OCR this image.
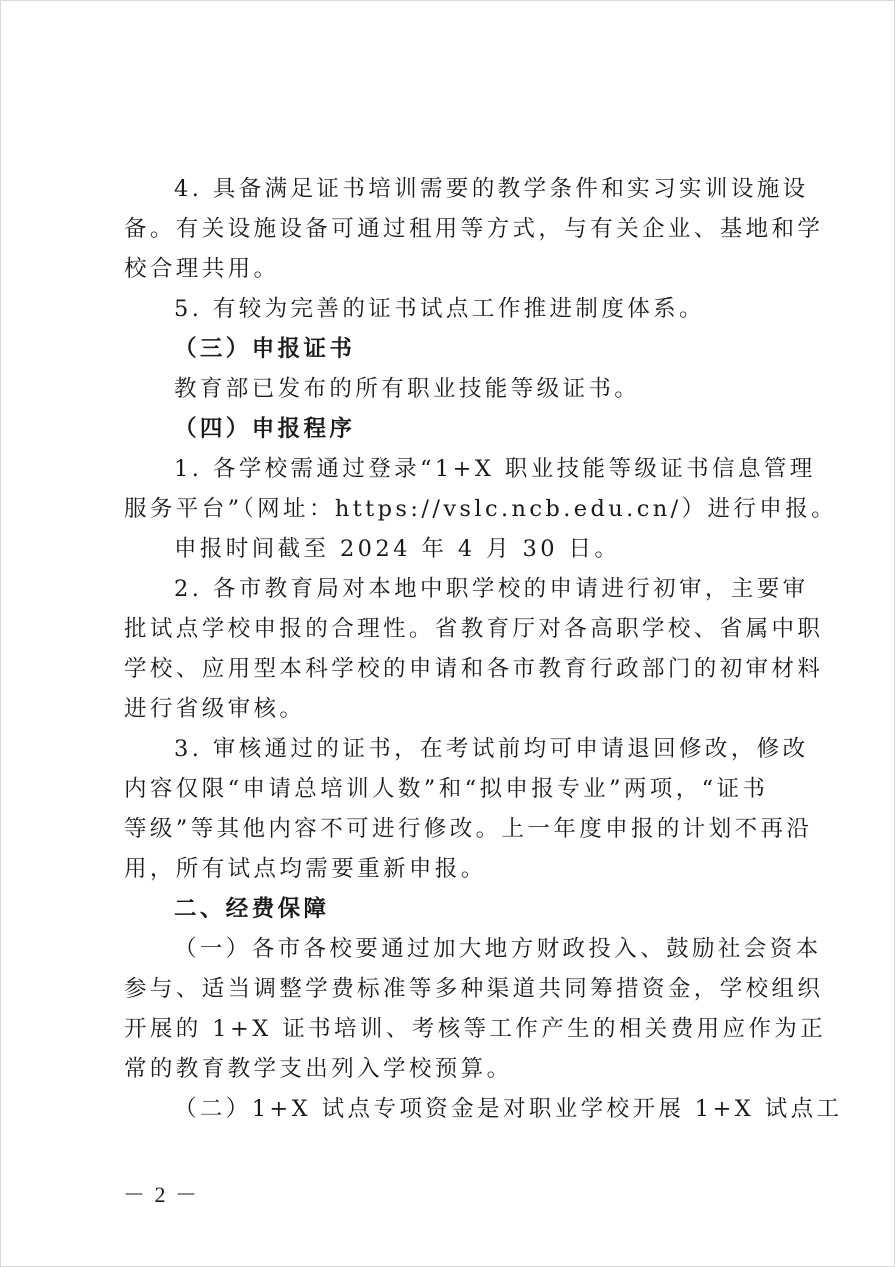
4. 具备满足证书培训需要的教学条件和实习实训设施设
备。有关设施设备可通过租用等方式，与有关企业、基地和学
校合理共用。
5. 有较为完善的证书试点工作推进制度体系。
（三）申报证书
教育部已发布的所有职业技能等级证书。
（四）申报程序
1. 各学校需通过登录“1+X 职业技能等级证书信息管理
服务平台”（网址：https://vslc.ncb.edu.cn/）进行申报。
申报时间截至 2024 年 4 月 30 日。
2. 各市教育局对本地中职学校的申请进行初审，主要审
批试点学校申报的合理性。省教育厅对各高职学校、省属中职
学校、应用型本科学校的申请和各市教育行政部门的初审材料
进行省级审核。
3. 审核通过的证书，在考试前均可申请退回修改，修改
内容仅限“申请总培训人数”和“拟申报专业”两项，“证书
等级”等其他内容不可进行修改。上一年度申报的计划不再沿
用，所有试点均需要重新申报。
二、经费保障
（一）各市各校要通过加大地方财政投入、鼓励社会资本
参与、适当调整学费标准等多种渠道共同筹措资金，学校组织
开展的 1+X 证书培训、考核等工作产生的相关费用应作为正
常的教育教学支出列入学校预算。
（二）1+X 试点专项资金是对职业学校开展 1+X 试点工
－ 2 －
